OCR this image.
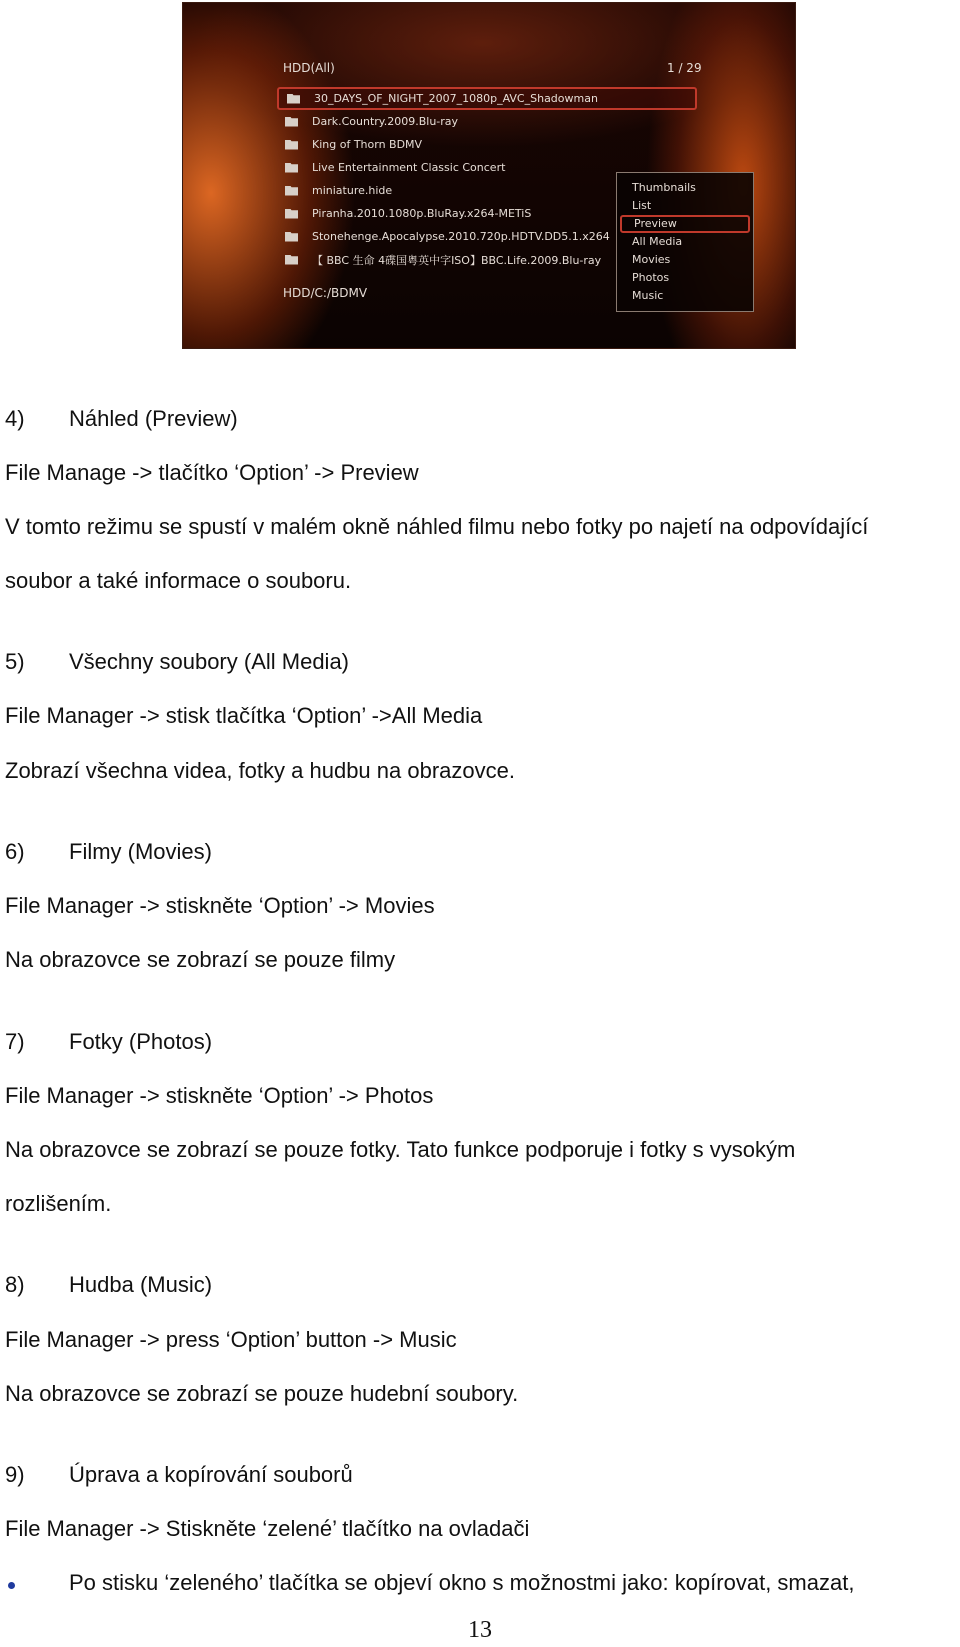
HDD(All)	1 / 29
30_DAYS_OF_NIGHT_2007_1080p_AVC_Shadowman
Dark.Country.2009.Blu-ray
King of Thorn BDMV
Live Entertainment Classic Concert
miniature.hide
Piranha.2010.1080p.BluRay.x264-METiS
Stonehenge.Apocalypse.2010.720p.HDTV.DD5.1.x264
【 BBC 生命 4碟国粤英中字ISO】BBC.Life.2009.Blu-ray
HDD/C:/BDMV
Thumbnails
List
Preview
All Media
Movies
Photos
Music
4) Náhled (Preview)
File Manage -> tlačítko ‘Option’ -> Preview
V tomto režimu se spustí v malém okně náhled filmu nebo fotky po najetí na odpovídající
soubor a také informace o souboru.
5) Všechny soubory (All Media)
File Manager -> stisk tlačítka ‘Option’ ->All Media
Zobrazí všechna videa, fotky a hudbu na obrazovce.
6) Filmy (Movies)
File Manager -> stiskněte ‘Option’ -> Movies
Na obrazovce se zobrazí se pouze filmy
7) Fotky (Photos)
File Manager -> stiskněte ‘Option’ -> Photos
Na obrazovce se zobrazí se pouze fotky. Tato funkce podporuje i fotky s vysokým
rozlišením.
8) Hudba (Music)
File Manager -> press ‘Option’ button -> Music
Na obrazovce se zobrazí se pouze hudební soubory.
9) Úprava a kopírování souborů
File Manager -> Stiskněte ‘zelené’ tlačítko na ovladači
Po stisku ‘zeleného’ tlačítka se objeví okno s možnostmi jako: kopírovat, smazat,
13
